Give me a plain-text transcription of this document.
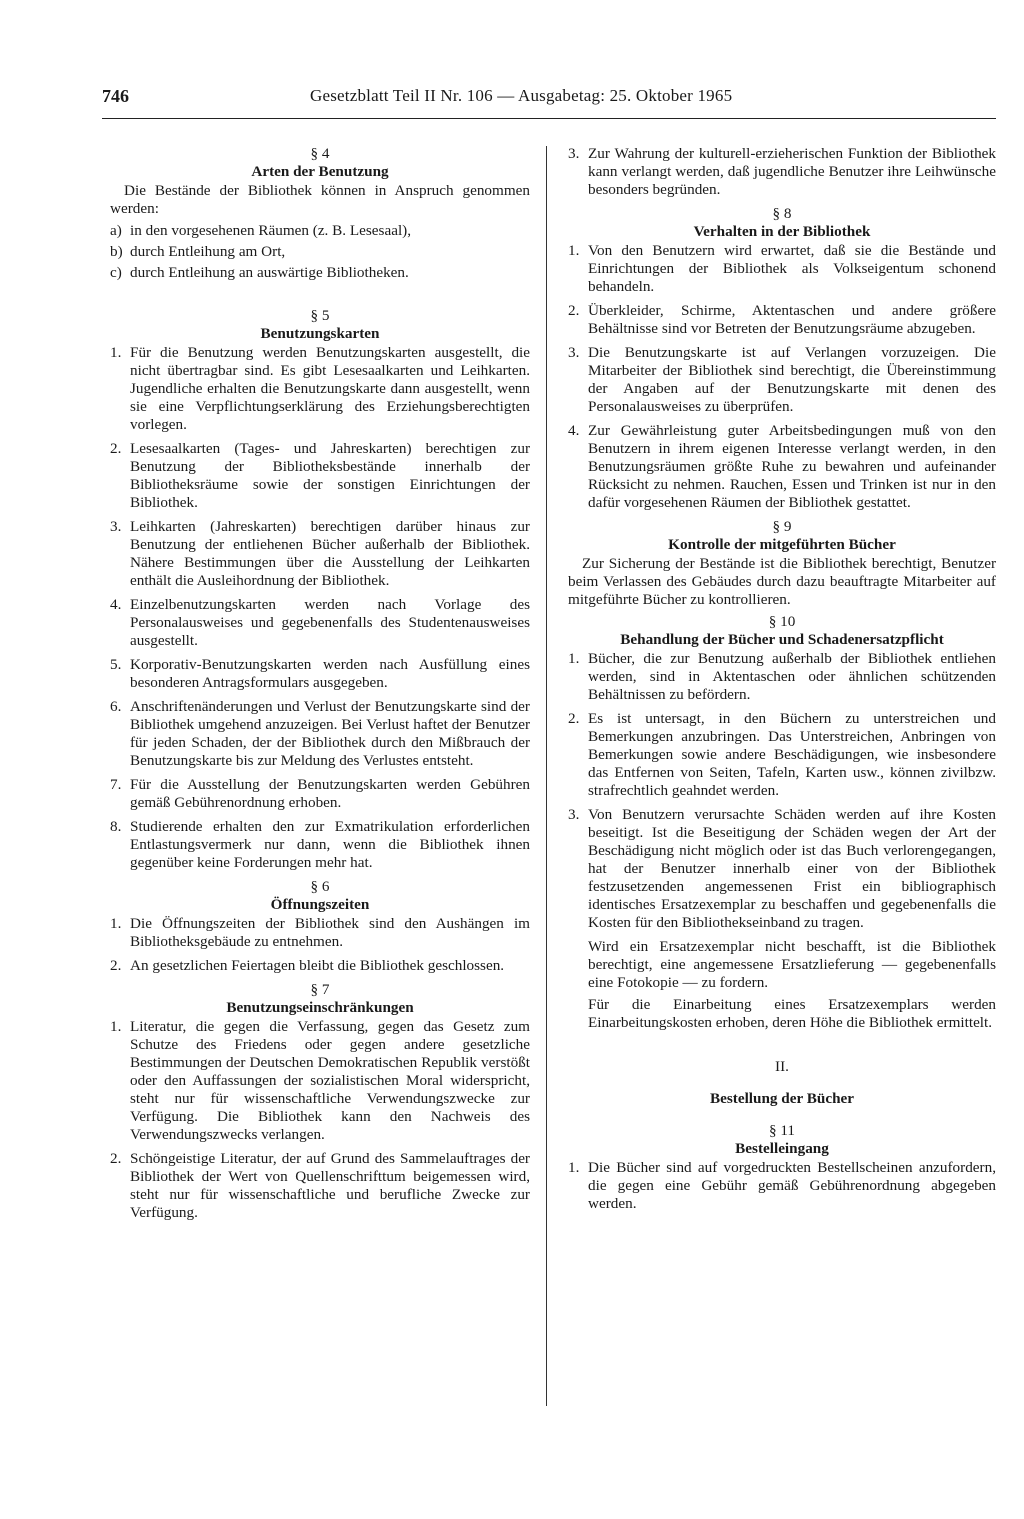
746	Gesetzblatt Teil II Nr. 106 — Ausgabetag: 25. Oktober 1965

§ 4

Arten der Benutzung

Die Bestände der Bibliothek können in Anspruch genommen werden:

a) in den vorgesehenen Räumen (z. B. Lesesaal),
b) durch Entleihung am Ort,
c) durch Entleihung an auswärtige Bibliotheken.

§ 5

Benutzungskarten

1. Für die Benutzung werden Benutzungskarten ausgestellt, die nicht übertragbar sind. Es gibt Lesesaalkarten und Leihkarten. Jugendliche erhalten die Benutzungskarte dann ausgestellt, wenn sie eine Verpflichtungserklärung des Erziehungsberechtigten vorlegen.
2. Lesesaalkarten (Tages- und Jahreskarten) berechtigen zur Benutzung der Bibliotheksbestände innerhalb der Bibliotheksräume sowie der sonstigen Einrichtungen der Bibliothek.
3. Leihkarten (Jahreskarten) berechtigen darüber hinaus zur Benutzung der entliehenen Bücher außerhalb der Bibliothek. Nähere Bestimmungen über die Ausstellung der Leihkarten enthält die Ausleihordnung der Bibliothek.
4. Einzelbenutzungskarten werden nach Vorlage des Personalausweises und gegebenenfalls des Studentenausweises ausgestellt.
5. Korporativ-Benutzungskarten werden nach Ausfüllung eines besonderen Antragsformulars ausgegeben.
6. Anschriftenänderungen und Verlust der Benutzungskarte sind der Bibliothek umgehend anzuzeigen. Bei Verlust haftet der Benutzer für jeden Schaden, der der Bibliothek durch den Mißbrauch der Benutzungskarte bis zur Meldung des Verlustes entsteht.
7. Für die Ausstellung der Benutzungskarten werden Gebühren gemäß Gebührenordnung erhoben.
8. Studierende erhalten den zur Exmatrikulation erforderlichen Entlastungsvermerk nur dann, wenn die Bibliothek ihnen gegenüber keine Forderungen mehr hat.

§ 6

Öffnungszeiten

1. Die Öffnungszeiten der Bibliothek sind den Aushängen im Bibliotheksgebäude zu entnehmen.
2. An gesetzlichen Feiertagen bleibt die Bibliothek geschlossen.

§ 7

Benutzungseinschränkungen

1. Literatur, die gegen die Verfassung, gegen das Gesetz zum Schutze des Friedens oder gegen andere gesetzliche Bestimmungen der Deutschen Demokratischen Republik verstößt oder den Auffassungen der sozialistischen Moral widerspricht, steht nur für wissenschaftliche Verwendungszwecke zur Verfügung. Die Bibliothek kann den Nachweis des Verwendungszwecks verlangen.
2. Schöngeistige Literatur, der auf Grund des Sammelauftrages der Bibliothek der Wert von Quellenschrifttum beigemessen wird, steht nur für wissenschaftliche und berufliche Zwecke zur Verfügung.
3. Zur Wahrung der kulturell-erzieherischen Funktion der Bibliothek kann verlangt werden, daß jugendliche Benutzer ihre Leihwünsche besonders begründen.

§ 8

Verhalten in der Bibliothek

1. Von den Benutzern wird erwartet, daß sie die Bestände und Einrichtungen der Bibliothek als Volkseigentum schonend behandeln.
2. Überkleider, Schirme, Aktentaschen und andere größere Behältnisse sind vor Betreten der Benutzungsräume abzugeben.
3. Die Benutzungskarte ist auf Verlangen vorzuzeigen. Die Mitarbeiter der Bibliothek sind berechtigt, die Übereinstimmung der Angaben auf der Benutzungskarte mit denen des Personalausweises zu überprüfen.
4. Zur Gewährleistung guter Arbeitsbedingungen muß von den Benutzern in ihrem eigenen Interesse verlangt werden, in den Benutzungsräumen größte Ruhe zu bewahren und aufeinander Rücksicht zu nehmen. Rauchen, Essen und Trinken ist nur in den dafür vorgesehenen Räumen der Bibliothek gestattet.

§ 9

Kontrolle der mitgeführten Bücher

Zur Sicherung der Bestände ist die Bibliothek berechtigt, Benutzer beim Verlassen des Gebäudes durch dazu beauftragte Mitarbeiter auf mitgeführte Bücher zu kontrollieren.

§ 10

Behandlung der Bücher und Schadenersatzpflicht

1. Bücher, die zur Benutzung außerhalb der Bibliothek entliehen werden, sind in Aktentaschen oder ähnlichen schützenden Behältnissen zu befördern.
2. Es ist untersagt, in den Büchern zu unterstreichen und Bemerkungen anzubringen. Das Unterstreichen, Anbringen von Bemerkungen sowie andere Beschädigungen, wie insbesondere das Entfernen von Seiten, Tafeln, Karten usw., können zivilbzw. strafrechtlich geahndet werden.
3. Von Benutzern verursachte Schäden werden auf ihre Kosten beseitigt. Ist die Beseitigung der Schäden wegen der Art der Beschädigung nicht möglich oder ist das Buch verlorengegangen, hat der Benutzer innerhalb einer von der Bibliothek festzusetzenden angemessenen Frist ein bibliographisch identisches Ersatzexemplar zu beschaffen und gegebenenfalls die Kosten für den Bibliothekseinband zu tragen.

Wird ein Ersatzexemplar nicht beschafft, ist die Bibliothek berechtigt, eine angemessene Ersatzlieferung — gegebenenfalls eine Fotokopie — zu fordern.

Für die Einarbeitung eines Ersatzexemplars werden Einarbeitungskosten erhoben, deren Höhe die Bibliothek ermittelt.

II.

Bestellung der Bücher

§ 11

Bestelleingang

1. Die Bücher sind auf vorgedruckten Bestellscheinen anzufordern, die gegen eine Gebühr gemäß Gebührenordnung abgegeben werden.
